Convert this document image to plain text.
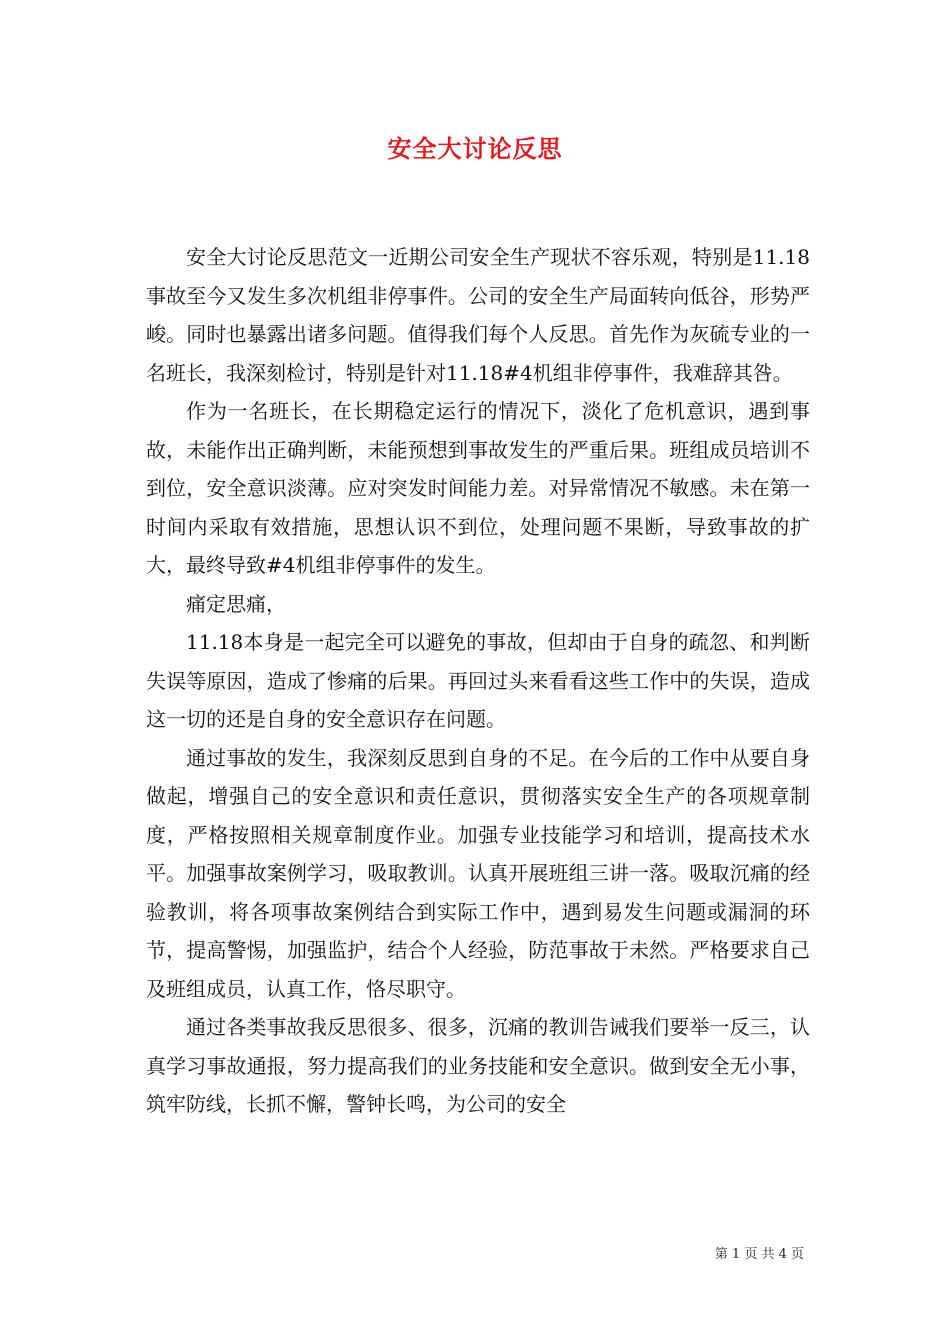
安全大讨论反思

安全大讨论反思范文一近期公司安全生产现状不容乐观，特别是11.18事故至今又发生多次机组非停事件。公司的安全生产局面转向低谷，形势严峻。同时也暴露出诸多问题。值得我们每个人反思。首先作为灰硫专业的一名班长，我深刻检讨，特别是针对11.18#4机组非停事件，我难辞其咎。

作为一名班长，在长期稳定运行的情况下，淡化了危机意识，遇到事故，未能作出正确判断，未能预想到事故发生的严重后果。班组成员培训不到位，安全意识淡薄。应对突发时间能力差。对异常情况不敏感。未在第一时间内采取有效措施，思想认识不到位，处理问题不果断，导致事故的扩大，最终导致#4机组非停事件的发生。

痛定思痛，

11.18本身是一起完全可以避免的事故，但却由于自身的疏忽、和判断失误等原因，造成了惨痛的后果。再回过头来看看这些工作中的失误，造成这一切的还是自身的安全意识存在问题。

通过事故的发生，我深刻反思到自身的不足。在今后的工作中从要自身做起，增强自己的安全意识和责任意识，贯彻落实安全生产的各项规章制度，严格按照相关规章制度作业。加强专业技能学习和培训，提高技术水平。加强事故案例学习，吸取教训。认真开展班组三讲一落。吸取沉痛的经验教训，将各项事故案例结合到实际工作中，遇到易发生问题或漏洞的环节，提高警惕，加强监护，结合个人经验，防范事故于未然。严格要求自己及班组成员，认真工作，恪尽职守。

通过各类事故我反思很多、很多，沉痛的教训告诫我们要举一反三，认真学习事故通报，努力提高我们的业务技能和安全意识。做到安全无小事，筑牢防线，长抓不懈，警钟长鸣，为公司的安全

第 1 页 共 4 页
